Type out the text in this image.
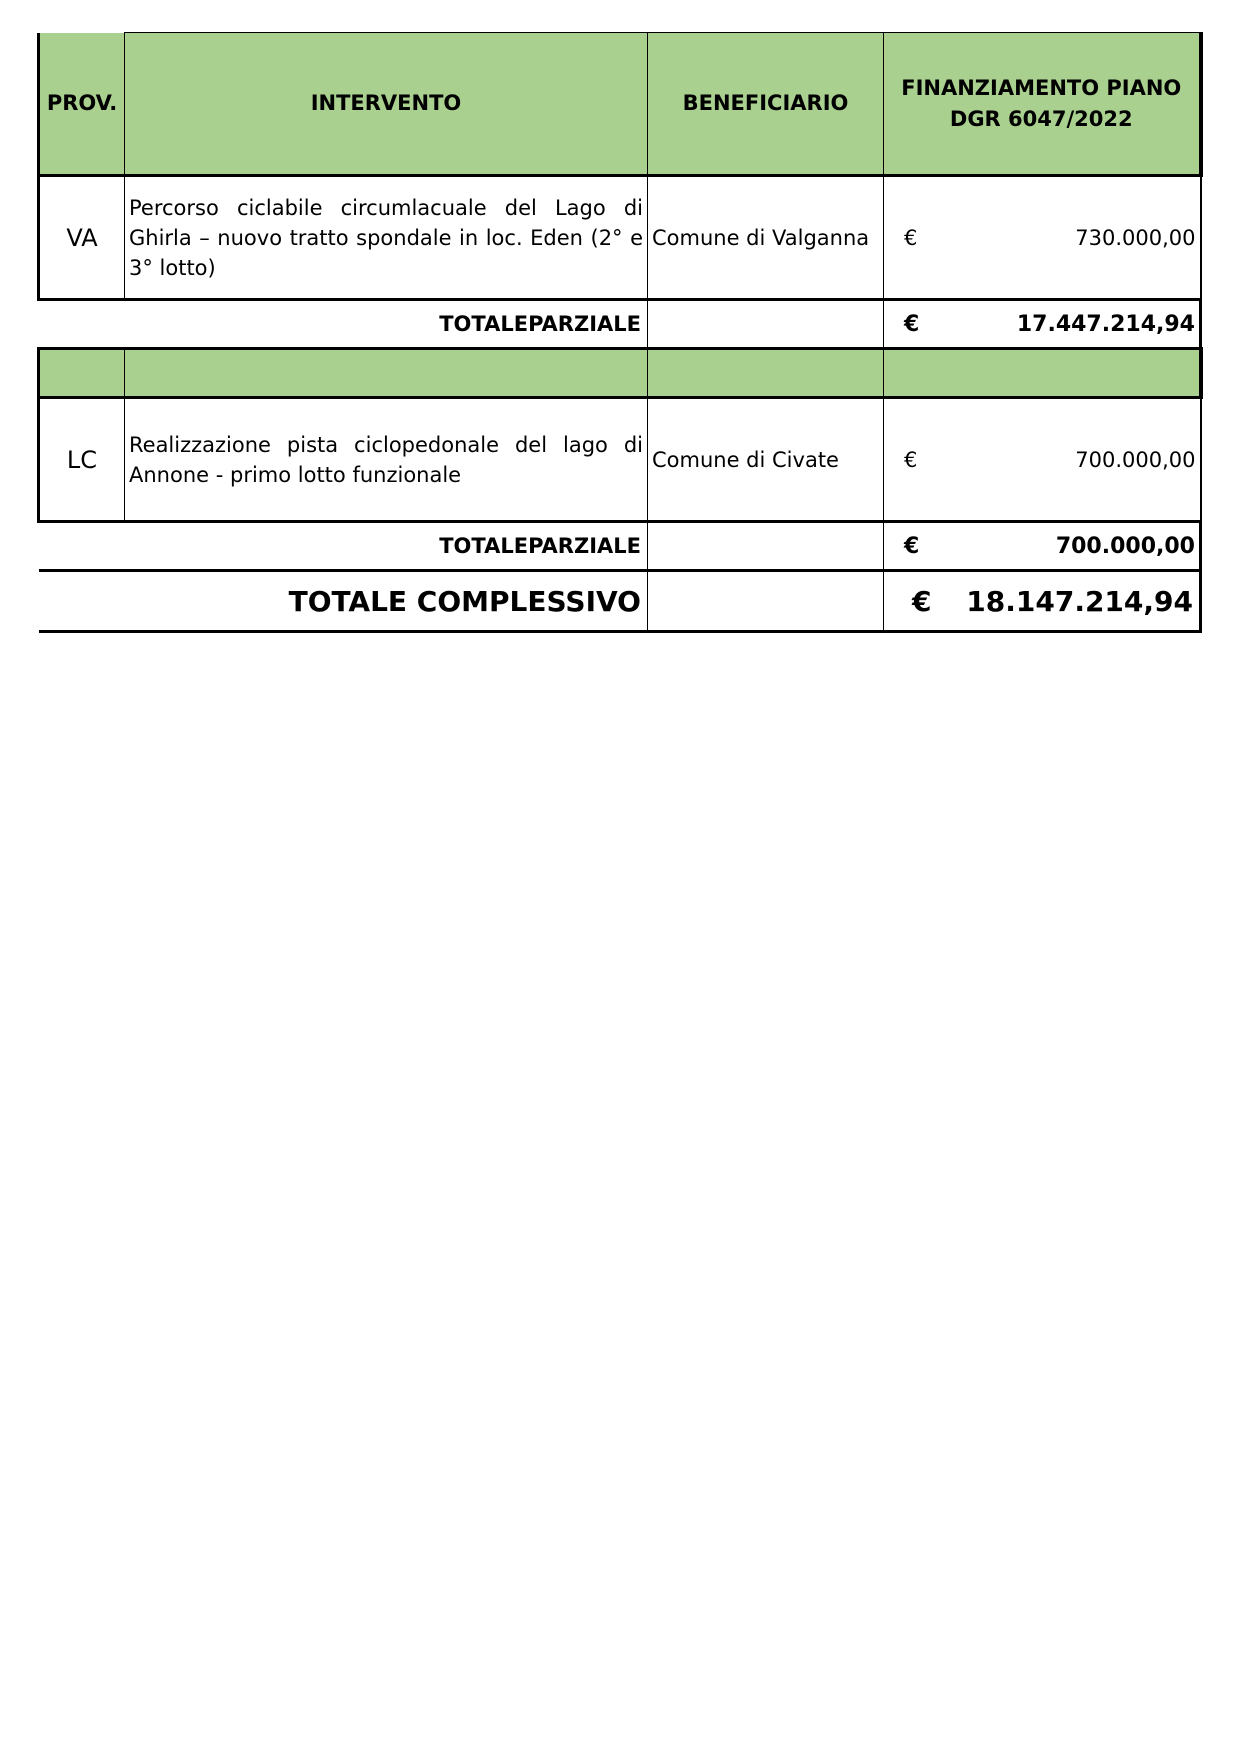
PROV.	INTERVENTO	BENEFICIARIO	FINANZIAMENTO PIANO
DGR 6047/2022

VA	Percorso ciclabile circumlacuale del Lago di Ghirla – nuovo tratto spondale in loc. Eden (2° e 3° lotto)	Comune di Valganna	€ 730.000,00

TOTALEPARZIALE			€ 17.447.214,94

LC	Realizzazione pista ciclopedonale del lago di Annone - primo lotto funzionale	Comune di Civate	€ 700.000,00

TOTALEPARZIALE			€ 700.000,00

TOTALE COMPLESSIVO			€ 18.147.214,94
